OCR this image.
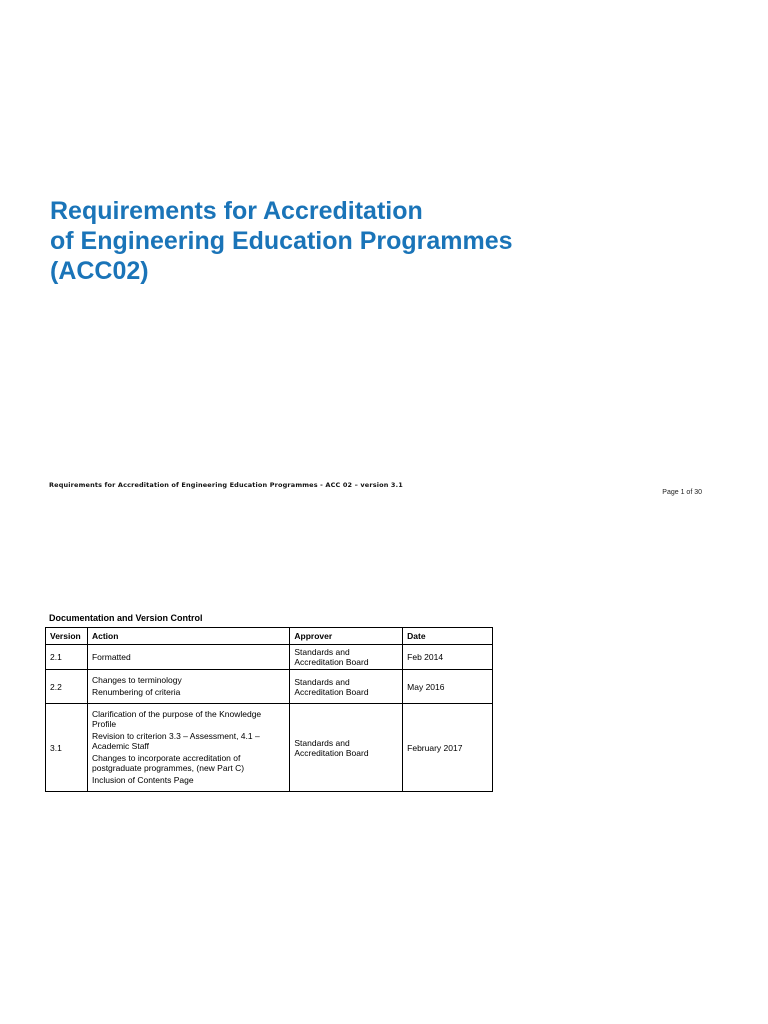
Requirements for Accreditation
of Engineering Education Programmes
(ACC02)
Requirements for Accreditation of Engineering Education Programmes - ACC 02 – version 3.1
Page 1 of 30
Documentation and Version Control
Version	Action	Approver	Date
2.1	Formatted	Standards and Accreditation Board	Feb 2014
2.2	Changes to terminology
Renumbering of criteria	Standards and Accreditation Board	May 2016
3.1	Clarification of the purpose of the Knowledge Profile
Revision to criterion 3.3 – Assessment, 4.1 – Academic Staff
Changes to incorporate accreditation of postgraduate programmes, (new Part C)
Inclusion of Contents Page	Standards and Accreditation Board	February 2017
